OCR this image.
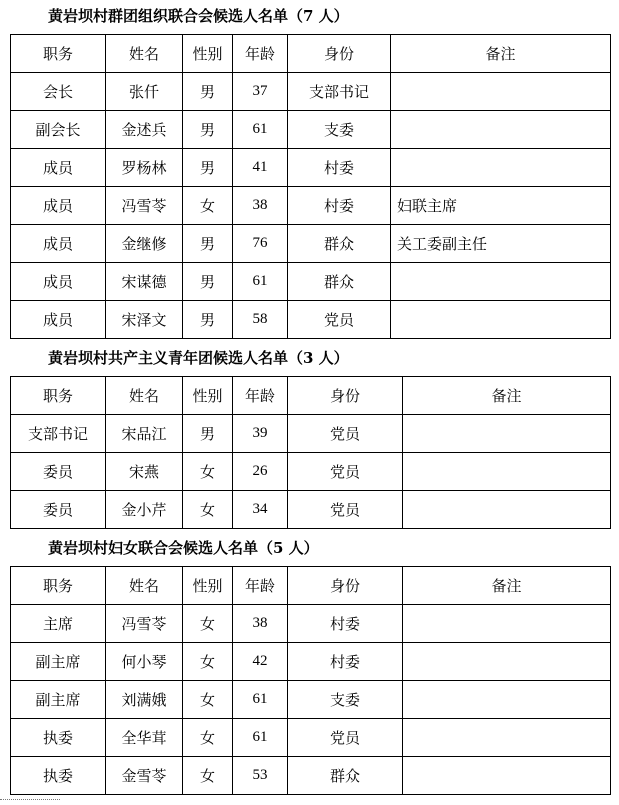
黄岩坝村群团组织联合会候选人名单（7 人）
职务	姓名	性别	年龄	身份	备注
会长	张仟	男	37	支部书记	
副会长	金述兵	男	61	支委	
成员	罗杨林	男	41	村委	
成员	冯雪苓	女	38	村委	妇联主席
成员	金继修	男	76	群众	关工委副主任
成员	宋谋德	男	61	群众	
成员	宋泽文	男	58	党员	
黄岩坝村共产主义青年团候选人名单（3 人）
职务	姓名	性别	年龄	身份	备注
支部书记	宋品江	男	39	党员	
委员	宋燕	女	26	党员	
委员	金小芹	女	34	党员	
黄岩坝村妇女联合会候选人名单（5 人）
职务	姓名	性别	年龄	身份	备注
主席	冯雪苓	女	38	村委	
副主席	何小琴	女	42	村委	
副主席	刘满娥	女	61	支委	
执委	全华茸	女	61	党员	
执委	金雪苓	女	53	群众	
